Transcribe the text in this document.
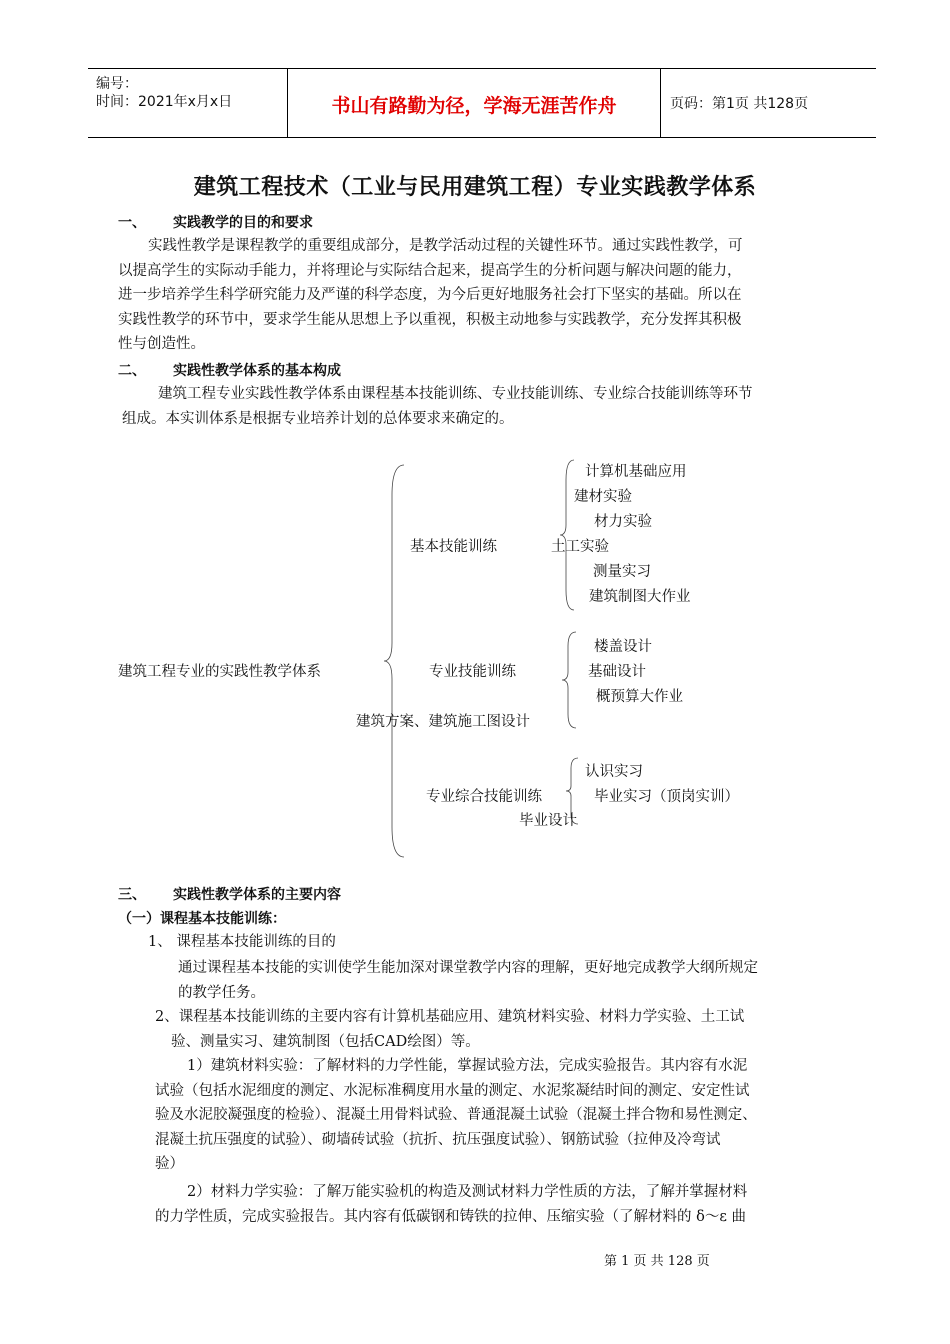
编号：
时间：2021年x月x日	书山有路勤为径，学海无涯苦作舟	页码：第1页 共128页
建筑工程技术（工业与民用建筑工程）专业实践教学体系
一、 实践教学的目的和要求
实践性教学是课程教学的重要组成部分，是教学活动过程的关键性环节。通过实践性教学，可
以提高学生的实际动手能力，并将理论与实际结合起来，提高学生的分析问题与解决问题的能力，
进一步培养学生科学研究能力及严谨的科学态度，为今后更好地服务社会打下坚实的基础。所以在
实践性教学的环节中，要求学生能从思想上予以重视，积极主动地参与实践教学，充分发挥其积极
性与创造性。
二、 实践性教学体系的基本构成
建筑工程专业实践性教学体系由课程基本技能训练、专业技能训练、专业综合技能训练等环节
组成。本实训体系是根据专业培养计划的总体要求来确定的。
建筑工程专业的实践性教学体系
基本技能训练
计算机基础应用
建材实验
材力实验
土工实验
测量实习
建筑制图大作业
专业技能训练
楼盖设计
基础设计
概预算大作业
建筑方案、建筑施工图设计
专业综合技能训练
认识实习
毕业实习（顶岗实训）
毕业设计
三、 实践性教学体系的主要内容
（一）课程基本技能训练：
1、 课程基本技能训练的目的
通过课程基本技能的实训使学生能加深对课堂教学内容的理解，更好地完成教学大纲所规定
的教学任务。
2、课程基本技能训练的主要内容有计算机基础应用、建筑材料实验、材料力学实验、土工试
验、测量实习、建筑制图（包括CAD绘图）等。
1）建筑材料实验：了解材料的力学性能，掌握试验方法，完成实验报告。其内容有水泥
试验（包括水泥细度的测定、水泥标准稠度用水量的测定、水泥浆凝结时间的测定、安定性试
验及水泥胶凝强度的检验）、混凝土用骨料试验、普通混凝土试验（混凝土拌合物和易性测定、
混凝土抗压强度的试验）、砌墙砖试验（抗折、抗压强度试验）、钢筋试验（拉伸及冷弯试
验）
2）材料力学实验：了解万能实验机的构造及测试材料力学性质的方法，了解并掌握材料
的力学性质，完成实验报告。其内容有低碳钢和铸铁的拉伸、压缩实验（了解材料的 δ～ε 曲
第 1 页 共 128 页
